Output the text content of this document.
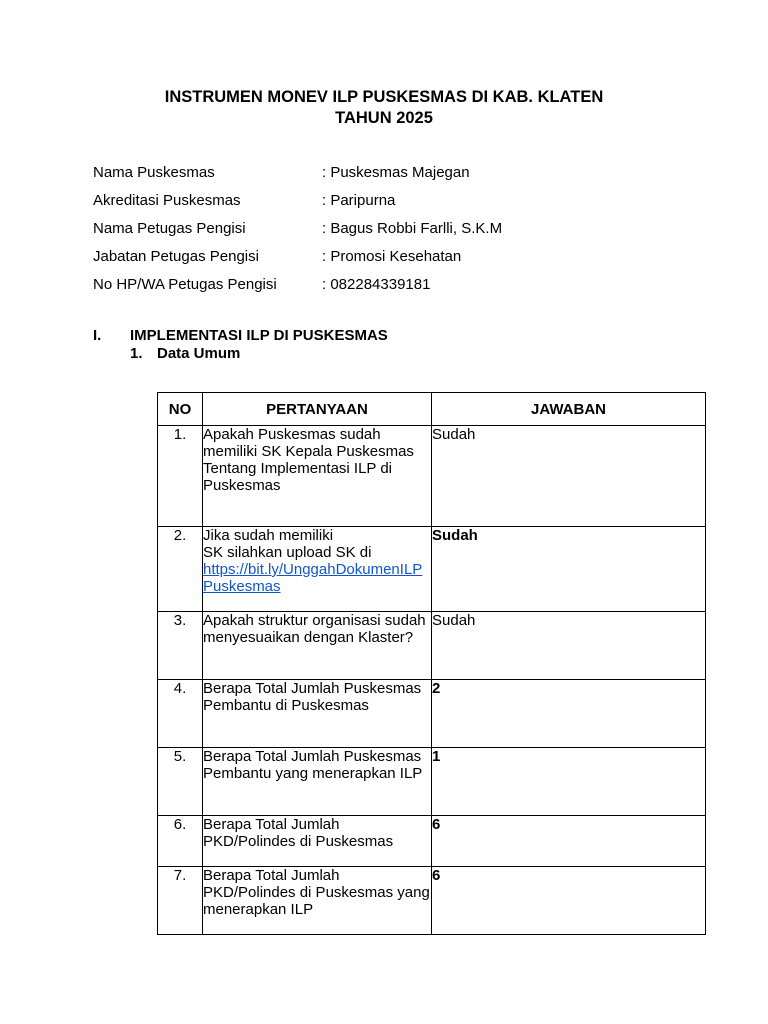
INSTRUMEN MONEV ILP PUSKESMAS DI KAB. KLATEN
TAHUN 2025
Nama Puskesmas	: Puskesmas Majegan
Akreditasi Puskesmas	: Paripurna
Nama Petugas Pengisi	: Bagus Robbi Farlli, S.K.M
Jabatan Petugas Pengisi	: Promosi Kesehatan
No HP/WA Petugas Pengisi	: 082284339181
I.	IMPLEMENTASI ILP DI PUSKESMAS
1. Data Umum
NO	PERTANYAAN	JAWABAN
1.	Apakah Puskesmas sudah memiliki SK Kepala Puskesmas Tentang Implementasi ILP di Puskesmas	Sudah
2.	Jika sudah memiliki
SK silahkan upload SK di
https://bit.ly/UnggahDokumenILPPuskesmas	Sudah
3.	Apakah struktur organisasi sudah menyesuaikan dengan Klaster?	Sudah
4.	Berapa Total Jumlah Puskesmas Pembantu di Puskesmas	2
5.	Berapa Total Jumlah Puskesmas Pembantu yang menerapkan ILP	1
6.	Berapa Total Jumlah PKD/Polindes di Puskesmas	6
7.	Berapa Total Jumlah PKD/Polindes di Puskesmas yang menerapkan ILP	6
